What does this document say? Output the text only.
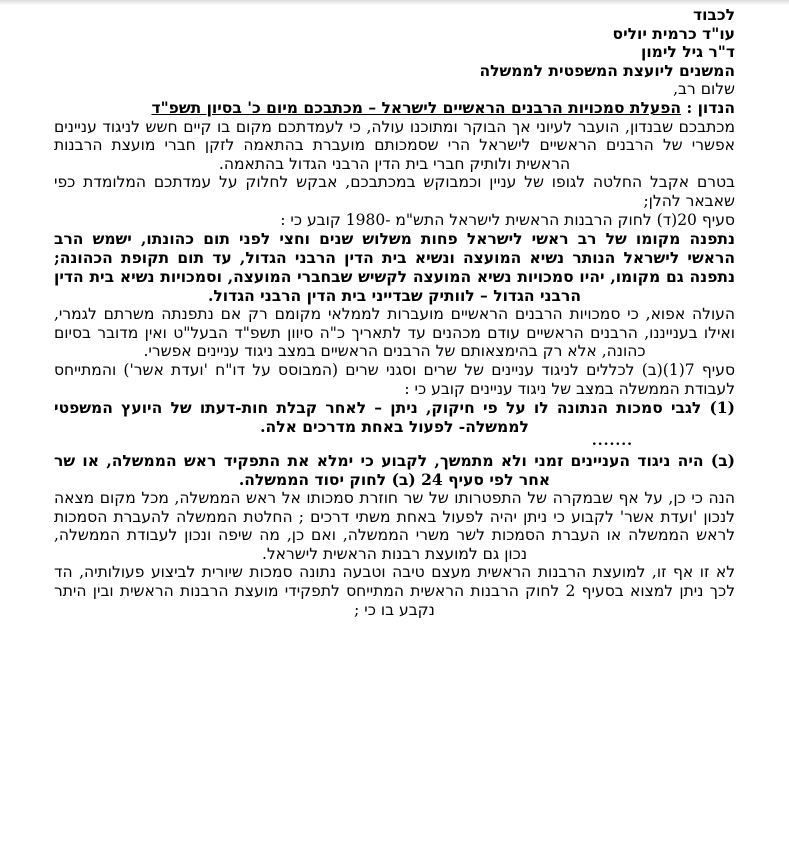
לכבוד
עו"ד כרמית יוליס
ד"ר גיל לימון
המשנים ליועצת המשפטית לממשלה

שלום רב,

הנדון : הפעלת סמכויות הרבנים הראשיים לישראל – מכתבכם מיום כ' בסיון תשפ"ד

מכתבכם שבנדון, הועבר לעיוני אך הבוקר ומתוכנו עולה, כי לעמדתכם מקום בו קיים חשש לניגוד עניינים אפשרי של הרבנים הראשיים לישראל הרי שסמכותם מועברת בהתאמה לזקן חברי מועצת הרבנות הראשית ולותיק חברי בית הדין הרבני הגדול בהתאמה.

בטרם אקבל החלטה לגופו של עניין וכמבוקש במכתבכם, אבקש לחלוק על עמדתכם המלומדת כפי שאבאר להלן;

סעיף 20(ד) לחוק הרבנות הראשית לישראל התש"מ -1980 קובע כי :

נתפנה מקומו של רב ראשי לישראל פחות משלוש שנים וחצי לפני תום כהונתו, ישמש הרב הראשי לישראל הנותר נשיא המועצה ונשיא בית הדין הרבני הגדול, עד תום תקופת הכהונה; נתפנה גם מקומו, יהיו סמכויות נשיא המועצה לקשיש שבחברי המועצה, וסמכויות נשיא בית הדין הרבני הגדול – לוותיק שבדייני בית הדין הרבני הגדול.

העולה אפוא, כי סמכויות הרבנים הראשיים מועברות לממלאי מקומם רק אם נתפנתה משרתם לגמרי, ואילו בענייננו, הרבנים הראשיים עודם מכהנים עד לתאריך כ"ה סיוון תשפ"ד הבעל"ט ואין מדובר בסיום כהונה, אלא רק בהימצאותם של הרבנים הראשיים במצב ניגוד עניינים אפשרי.

סעיף 7(1)(ב) לכללים לניגוד עניינים של שרים וסגני שרים (המבוסס על דו"ח 'ועדת אשר') והמתייחס לעבודת הממשלה במצב של ניגוד עניינים קובע כי :

(1) לגבי סמכות הנתונה לו על פי חיקוק, ניתן – לאחר קבלת חות-דעתו של היועץ המשפטי לממשלה- לפעול באחת מדרכים אלה.

.......

(ב) היה ניגוד העניינים זמני ולא מתמשך, לקבוע כי ימלא את התפקיד ראש הממשלה, או שר אחר לפי סעיף 24 (ב) לחוק יסוד הממשלה.

הנה כי כן, על אף שבמקרה של התפטרותו של שר חוזרת סמכותו אל ראש הממשלה, מכל מקום מצאה לנכון 'ועדת אשר' לקבוע כי ניתן יהיה לפעול באחת משתי דרכים ; החלטת הממשלה להעברת הסמכות לראש הממשלה או העברת הסמכות לשר משרי הממשלה, ואם כן, מה שיפה ונכון לעבודת הממשלה, נכון גם למועצת רבנות הראשית לישראל.

לא זו אף זו, למועצת הרבנות הראשית מעצם טיבה וטבעה נתונה סמכות שיורית לביצוע פעולותיה, הד לכך ניתן למצוא בסעיף 2 לחוק הרבנות הראשית המתייחס לתפקידי מועצת הרבנות הראשית ובין היתר נקבע בו כי ;
